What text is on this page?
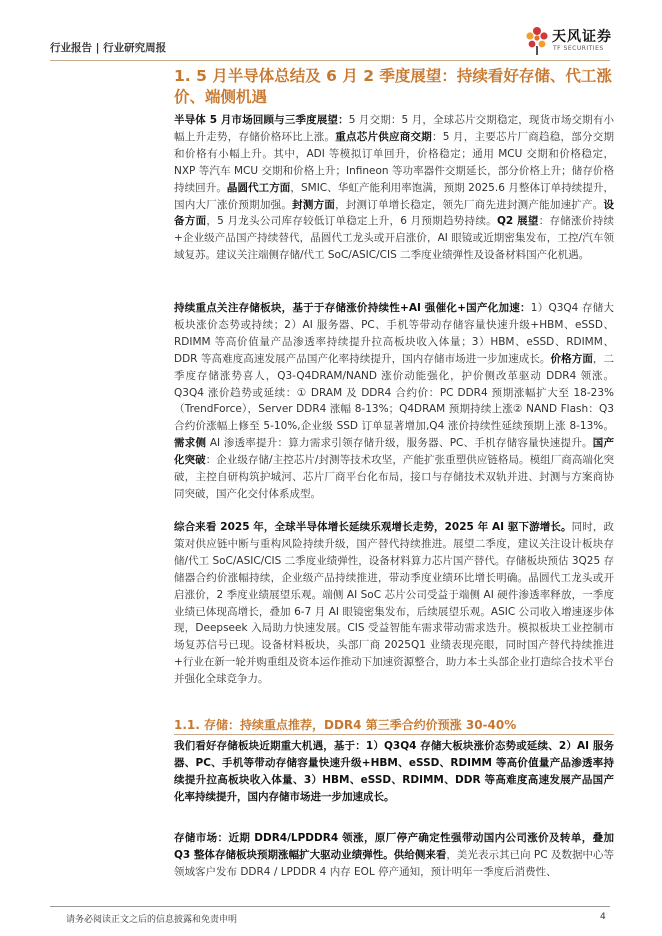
行业报告 | 行业研究周报
天风证券
TF SECURITIES
1. 5 月半导体总结及 6 月 2 季度展望：持续看好存储、代工涨价、端侧机遇
半导体 5 月市场回顾与三季度展望：5 月交期：5 月，全球芯片交期稳定，现货市场交期有小幅上升走势，存储价格环比上涨。重点芯片供应商交期：5 月，主要芯片厂商趋稳，部分交期和价格有小幅上升。其中，ADI 等模拟订单回升，价格稳定；通用 MCU 交期和价格稳定，NXP 等汽车 MCU 交期和价格上升；Infineon 等功率器件交期延长，部分价格上升；储存价格持续回升。晶圆代工方面，SMIC、华虹产能利用率饱满，预期 2025.6 月整体订单持续提升，国内大厂涨价预期加强。封测方面，封测订单增长稳定，领先厂商先进封测产能加速扩产。设备方面，5 月龙头公司库存较低订单稳定上升，6 月预期趋势持续。Q2 展望：存储涨价持续+企业级产品国产持续替代，晶圆代工龙头或开启涨价，AI 眼镜或近期密集发布，工控/汽车领域复苏。建议关注端侧存储/代工 SoC/ASIC/CIS 二季度业绩弹性及设备材料国产化机遇。
持续重点关注存储板块，基于于存储涨价持续性+AI 强催化+国产化加速：1）Q3Q4 存储大板块涨价态势或持续；2）AI 服务器、PC、手机等带动存储容量快速升级+HBM、eSSD、RDIMM 等高价值量产品渗透率持续提升拉高板块收入体量；3）HBM、eSSD、RDIMM、DDR 等高难度高速发展产品国产化率持续提升，国内存储市场进一步加速成长。价格方面，二季度存储涨势喜人，Q3-Q4DRAM/NAND 涨价动能强化，护价侧改革驱动 DDR4 领涨。Q3Q4 涨价趋势或延续：① DRAM 及 DDR4 合约价：PC DDR4 预期涨幅扩大至 18-23%（TrendForce），Server DDR4 涨幅 8-13%；Q4DRAM 预期持续上涨② NAND Flash：Q3 合约价涨幅上修至 5-10%,企业级 SSD 订单显著增加,Q4 涨价持续性延续预期上涨 8-13%。需求侧 AI 渗透率提升：算力需求引领存储升级，服务器、PC、手机存储容量快速提升。国产化突破：企业级存储/主控芯片/封测等技术攻坚，产能扩张重塑供应链格局。模组厂商高端化突破，主控自研构筑护城河、芯片厂商平台化布局，接口与存储技术双轨并进、封测与方案商协同突破，国产化交付体系成型。
综合来看 2025 年，全球半导体增长延续乐观增长走势，2025 年 AI 驱下游增长。同时，政策对供应链中断与重构风险持续升级，国产替代持续推进。展望二季度，建议关注设计板块存储/代工 SoC/ASIC/CIS 二季度业绩弹性，设备材料算力芯片国产替代。存储板块预估 3Q25 存储器合约价涨幅持续，企业级产品持续推进，带动季度业绩环比增长明确。晶圆代工龙头或开启涨价，2 季度业绩展望乐观。端侧 AI SoC 芯片公司受益于端侧 AI 硬件渗透率释放，一季度业绩已体现高增长，叠加 6-7 月 AI 眼镜密集发布，后续展望乐观。ASIC 公司收入增速逐步体现，Deepseek 入局助力快速发展。CIS 受益智能车需求带动需求迭升。模拟板块工业控制市场复苏信号已现。设备材料板块，头部厂商 2025Q1 业绩表现亮眼，同时国产替代持续推进+行业在新一轮并购重组及资本运作推动下加速资源整合，助力本土头部企业打造综合技术平台并强化全球竞争力。
1.1. 存储：持续重点推荐，DDR4 第三季合约价预涨 30-40%
我们看好存储板块近期重大机遇，基于：1）Q3Q4 存储大板块涨价态势或延续、2）AI 服务器、PC、手机等带动存储容量快速升级+HBM、eSSD、RDIMM 等高价值量产品渗透率持续提升拉高板块收入体量、3）HBM、eSSD、RDIMM、DDR 等高难度高速发展产品国产化率持续提升，国内存储市场进一步加速成长。
存储市场：近期 DDR4/LPDDR4 领涨，原厂停产确定性强带动国内公司涨价及转单，叠加 Q3 整体存储板块预期涨幅扩大驱动业绩弹性。供给侧来看，美光表示其已向 PC 及数据中心等领域客户发布 DDR4 / LPDDR 4 内存 EOL 停产通知，预计明年一季度后消费性、
请务必阅读正文之后的信息披露和免责申明	4
